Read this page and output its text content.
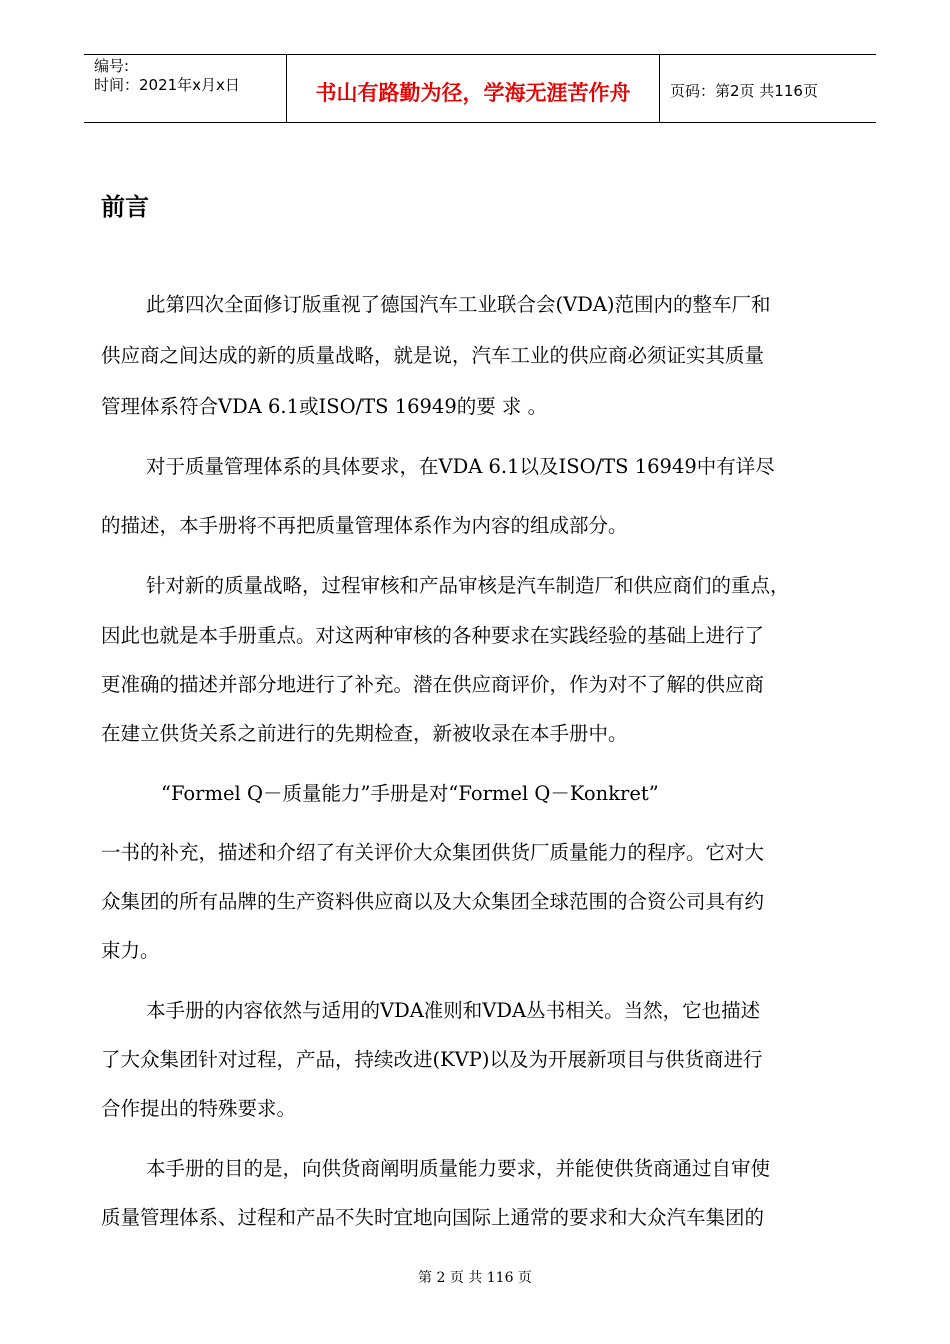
编号:
时间：2021年x月x日	书山有路勤为径，学海无涯苦作舟	页码：第2页 共116页
前言
此第四次全面修订版重视了德国汽车工业联合会(VDA)范围内的整车厂和
供应商之间达成的新的质量战略，就是说，汽车工业的供应商必须证实其质量
管理体系符合VDA 6.1或ISO/TS 16949的要 求 。
对于质量管理体系的具体要求，在VDA 6.1以及ISO/TS 16949中有详尽
的描述，本手册将不再把质量管理体系作为内容的组成部分。
针对新的质量战略，过程审核和产品审核是汽车制造厂和供应商们的重点，
因此也就是本手册重点。对这两种审核的各种要求在实践经验的基础上进行了
更准确的描述并部分地进行了补充。潜在供应商评价，作为对不了解的供应商
在建立供货关系之前进行的先期检查，新被收录在本手册中。
“Formel Q－质量能力”手册是对“Formel Q－Konkret”
一书的补充，描述和介绍了有关评价大众集团供货厂质量能力的程序。它对大
众集团的所有品牌的生产资料供应商以及大众集团全球范围的合资公司具有约
束力。
本手册的内容依然与适用的VDA准则和VDA丛书相关。当然，它也描述
了大众集团针对过程，产品，持续改进(KVP)以及为开展新项目与供货商进行
合作提出的特殊要求。
本手册的目的是，向供货商阐明质量能力要求，并能使供货商通过自审使
质量管理体系、过程和产品不失时宜地向国际上通常的要求和大众汽车集团的
第 2 页 共 116 页
